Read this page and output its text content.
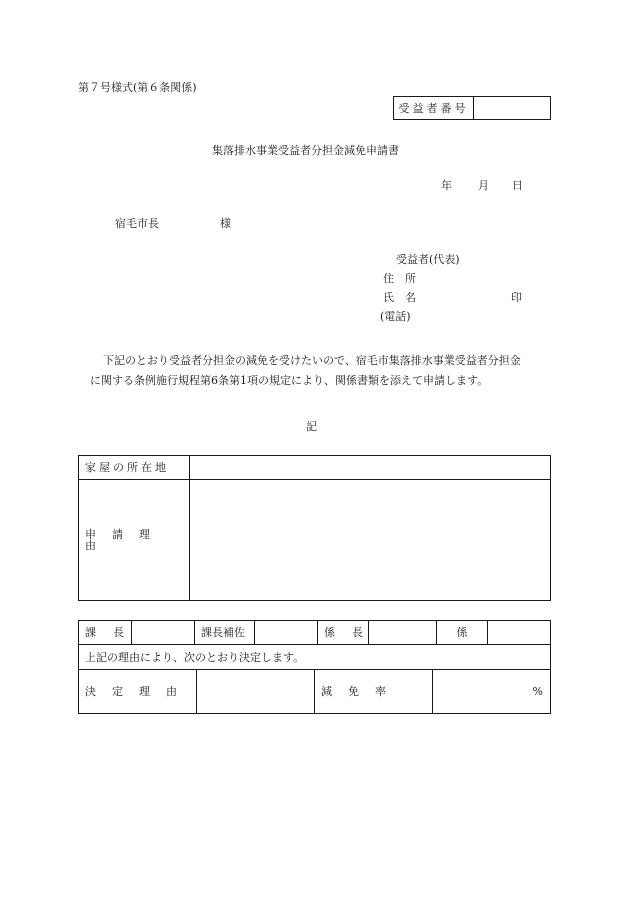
第７号様式(第６条関係)
受益者番号	
集落排水事業受益者分担金減免申請書
年 月 日
宿毛市長	様
受益者(代表)
住　所
氏　名	印
(電話)
下記のとおり受益者分担金の減免を受けたいので、宿毛市集落排水事業受益者分担金
に関する条例施行規程第6条第1項の規定により、関係書類を添えて申請します。
記
家屋の所在地	
申請理由	
課　長		課長補佐		係　長		係	
上記の理由により、次のとおり決定します。
決定理由		減免率	%
